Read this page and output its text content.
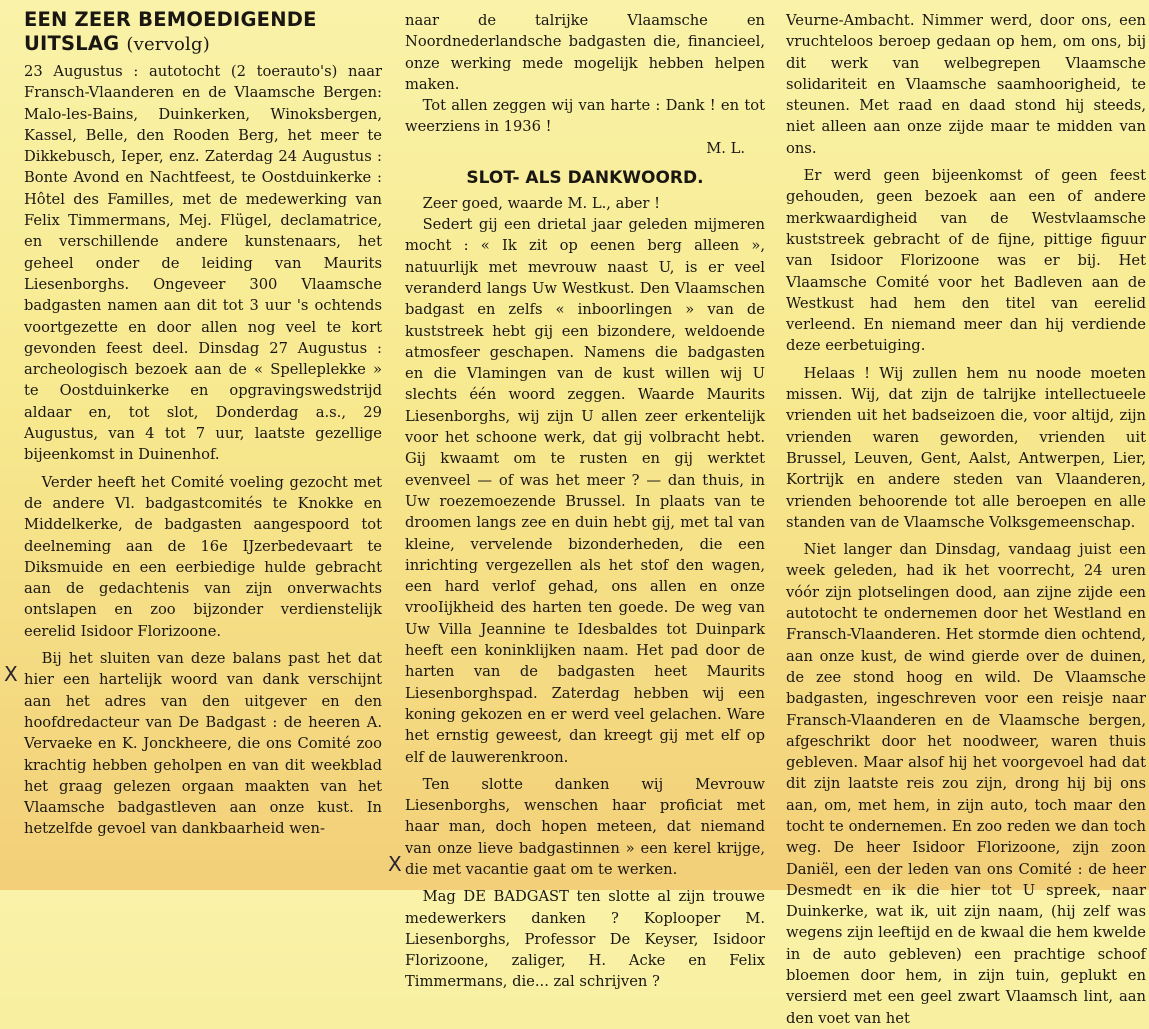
EEN ZEER BEMOEDIGENDE
UITSLAG (vervolg)

23 Augustus : autotocht (2 toerauto's) naar Fransch-Vlaanderen en de Vlaamsche Bergen: Malo-les-Bains, Duinkerken, Winoksbergen, Kassel, Belle, den Rooden Berg, het meer te Dikkebusch, Ieper, enz. Zaterdag 24 Augustus : Bonte Avond en Nachtfeest, te Oostduinkerke : Hôtel des Familles, met de medewerking van Felix Timmermans, Mej. Flügel, declamatrice, en verschillende andere kunstenaars, het geheel onder de leiding van Maurits Liesenborghs. Ongeveer 300 Vlaamsche badgasten namen aan dit tot 3 uur 's ochtends voortgezette en door allen nog veel te kort gevonden feest deel. Dinsdag 27 Augustus : archeologisch bezoek aan de « Spelleplekke » te Oostduinkerke en opgravingswedstrijd aldaar en, tot slot, Donderdag a.s., 29 Augustus, van 4 tot 7 uur, laatste gezellige bijeenkomst in Duinenhof.

Verder heeft het Comité voeling gezocht met de andere Vl. badgastcomités te Knokke en Middelkerke, de badgasten aangespoord tot deelneming aan de 16e IJzerbedevaart te Diksmuide en een eerbiedige hulde gebracht aan de gedachtenis van zijn onverwachts ontslapen en zoo bijzonder verdienstelijk eerelid Isidoor Florizoone.

Bij het sluiten van deze balans past het dat hier een hartelijk woord van dank verschijnt aan het adres van den uitgever en den hoofdredacteur van De Badgast : de heeren A. Vervaeke en K. Jonckheere, die ons Comité zoo krachtig hebben geholpen en van dit weekblad het graag gelezen orgaan maakten van het Vlaamsche badgastleven aan onze kust. In hetzelfde gevoel van dankbaarheid wen-

naar de talrijke Vlaamsche en Noordnederlandsche badgasten die, financieel, onze werking mede mogelijk hebben helpen maken.

Tot allen zeggen wij van harte : Dank ! en tot weerziens in 1936 !

M. L.
SLOT- ALS DANKWOORD.

Zeer goed, waarde M. L., aber !

Sedert gij een drietal jaar geleden mijmeren mocht : « Ik zit op eenen berg alleen », natuurlijk met mevrouw naast U, is er veel veranderd langs Uw Westkust. Den Vlaamschen badgast en zelfs « inboorlingen » van de kuststreek hebt gij een bizondere, weldoende atmosfeer geschapen. Namens die badgasten en die Vlamingen van de kust willen wij U slechts één woord zeggen. Waarde Maurits Liesenborghs, wij zijn U allen zeer erkentelijk voor het schoone werk, dat gij volbracht hebt. Gij kwaamt om te rusten en gij werktet evenveel — of was het meer ? — dan thuis, in Uw roezemoezende Brussel. In plaats van te droomen langs zee en duin hebt gij, met tal van kleine, vervelende bizonderheden, die een inrichting vergezellen als het stof den wagen, een hard verlof gehad, ons allen en onze vrooIijkheid des harten ten goede. De weg van Uw Villa Jeannine te Idesbaldes tot Duinpark heeft een koninklijken naam. Het pad door de harten van de badgasten heet Maurits Liesenborghspad. Zaterdag hebben wij een koning gekozen en er werd veel gelachen. Ware het ernstig geweest, dan kreegt gij met elf op elf de lauwerenkroon.

Ten slotte danken wij Mevrouw Liesenborghs, wenschen haar proficiat met haar man, doch hopen meteen, dat niemand van onze lieve badgastinnen » een kerel krijge, die met vacantie gaat om te werken.

Mag DE BADGAST ten slotte al zijn trouwe medewerkers danken ? Koplooper M. Liesenborghs, Professor De Keyser, Isidoor Florizoone, zaliger, H. Acke en Felix Timmermans, die... zal schrijven ?

Veurne-Ambacht. Nimmer werd, door ons, een vruchteloos beroep gedaan op hem, om ons, bij dit werk van welbegrepen Vlaamsche solidariteit en Vlaamsche saamhoorigheid, te steunen. Met raad en daad stond hij steeds, niet alleen aan onze zijde maar te midden van ons.

Er werd geen bijeenkomst of geen feest gehouden, geen bezoek aan een of andere merkwaardigheid van de Westvlaamsche kuststreek gebracht of de fijne, pittige figuur van Isidoor Florizoone was er bij. Het Vlaamsche Comité voor het Badleven aan de Westkust had hem den titel van eerelid verleend. En niemand meer dan hij verdiende deze eerbetuiging.

Helaas ! Wij zullen hem nu noode moeten missen. Wij, dat zijn de talrijke intellectueele vrienden uit het badseizoen die, voor altijd, zijn vrienden waren geworden, vrienden uit Brussel, Leuven, Gent, Aalst, Antwerpen, Lier, Kortrijk en andere steden van Vlaanderen, vrienden behoorende tot alle beroepen en alle standen van de Vlaamsche Volksgemeenschap.

Niet langer dan Dinsdag, vandaag juist een week geleden, had ik het voorrecht, 24 uren vóór zijn plotselingen dood, aan zijne zijde een autotocht te ondernemen door het Westland en Fransch-Vlaanderen. Het stormde dien ochtend, aan onze kust, de wind gierde over de duinen, de zee stond hoog en wild. De Vlaamsche badgasten, ingeschreven voor een reisje naar Fransch-Vlaanderen en de Vlaamsche bergen, afgeschrikt door het noodweer, waren thuis gebleven. Maar alsof hij het voorgevoel had dat dit zijn laatste reis zou zijn, drong hij bij ons aan, om, met hem, in zijn auto, toch maar den tocht te ondernemen. En zoo reden we dan toch weg. De heer Isidoor Florizoone, zijn zoon Daniël, een der leden van ons Comité : de heer Desmedt en ik die hier tot U spreek, naar Duinkerke, wat ik, uit zijn naam, (hij zelf was wegens zijn leeftijd en de kwaal die hem kwelde in de auto gebleven) een prachtige schoof bloemen door hem, in zijn tuin, geplukt en versierd met een geel zwart Vlaamsch lint, aan den voet van het

X
X
